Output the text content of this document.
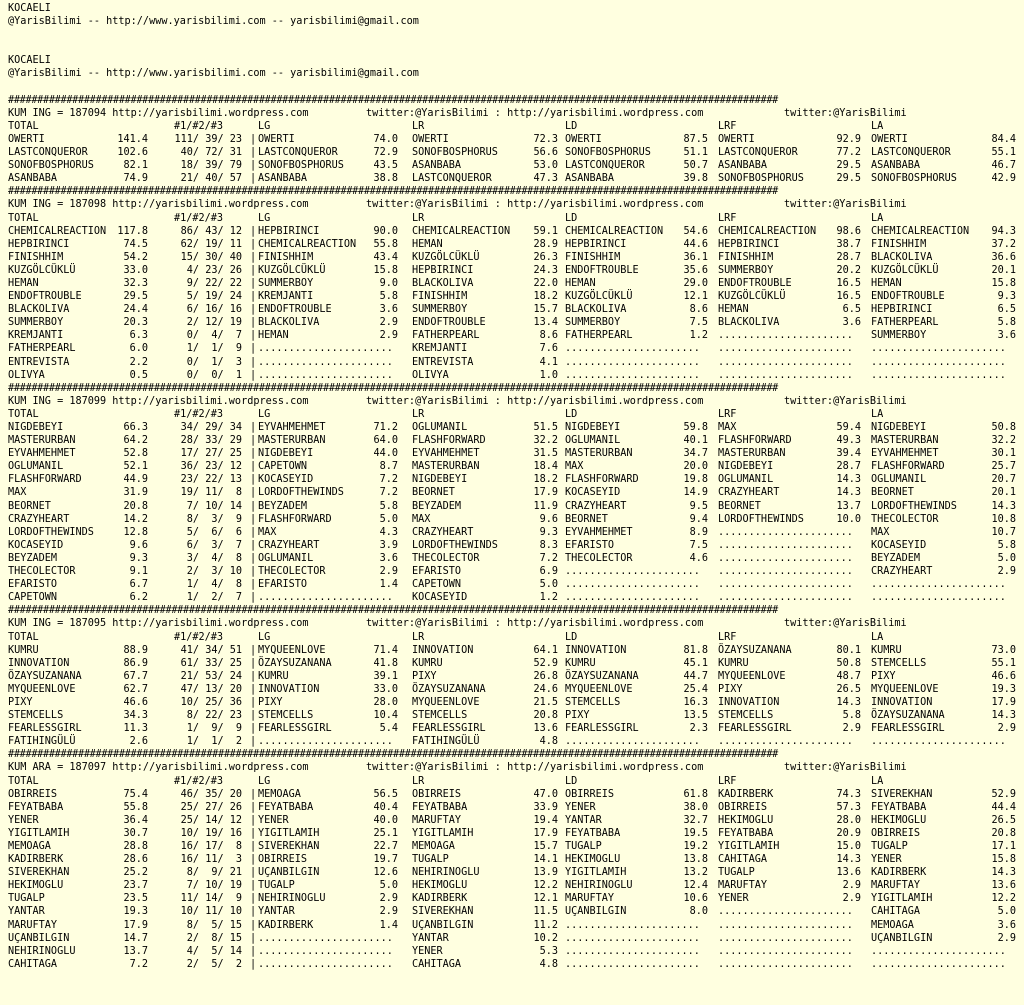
KOCAELI
@YarisBilimi -- http://www.yarisbilimi.com -- yarisbilimi@gmail.com
KOCAELI
@YarisBilimi -- http://www.yarisbilimi.com -- yarisbilimi@gmail.com
####################################################################################################################################
KUM ING = 187094 http://yarisbilimi.wordpress.com	twitter:@YarisBilimi : http://yarisbilimi.wordpress.com	twitter:@YarisBilimi
TOTAL	#1/#2/#3	LG	LR	LD	LRF	LA
OWERTI	141.4	111/ 39/ 23 | OWERTI	74.0 OWERTI	72.3 OWERTI	87.5 OWERTI	92.9 OWERTI	84.4
LASTCONQUEROR	102.6	40/ 72/ 31 | LASTCONQUEROR	72.9 SONOFBOSPHORUS	56.6 SONOFBOSPHORUS	51.1 LASTCONQUEROR	77.2 LASTCONQUEROR	55.1
SONOFBOSPHORUS	82.1	18/ 39/ 79 | SONOFBOSPHORUS	43.5 ASANBABA	53.0 LASTCONQUEROR	50.7 ASANBABA	29.5 ASANBABA	46.7
ASANBABA	74.9	21/ 40/ 57 | ASANBABA	38.8 LASTCONQUEROR	47.3 ASANBABA	39.8 SONOFBOSPHORUS	29.5 SONOFBOSPHORUS	42.9
####################################################################################################################################
KUM ING = 187098 http://yarisbilimi.wordpress.com	twitter:@YarisBilimi : http://yarisbilimi.wordpress.com	twitter:@YarisBilimi
TOTAL	#1/#2/#3	LG	LR	LD	LRF	LA
CHEMICALREACTION 117.8	86/ 43/ 12 | HEPBIRINCI	90.0 CHEMICALREACTION 59.1 CHEMICALREACTION 54.6 CHEMICALREACTION 98.6 CHEMICALREACTION 94.3
HEPBIRINCI	74.5	62/ 19/ 11 | CHEMICALREACTION 55.8 HEMAN	28.9 HEPBIRINCI	44.6 HEPBIRINCI	38.7 FINISHHIM	37.2
FINISHHIM	54.2	15/ 30/ 40 | FINISHHIM	43.4 KUZGÖLCÜKLÜ	26.3 FINISHHIM	36.1 FINISHHIM	28.7 BLACKOLIVA	36.6
KUZGÖLCÜKLÜ	33.0	4/ 23/ 26 | KUZGÖLCÜKLÜ	15.8 HEPBIRINCI	24.3 ENDOFTROUBLE	35.6 SUMMERBOY	20.2 KUZGÖLCÜKLÜ	20.1
HEMAN	32.3	9/ 22/ 22 | SUMMERBOY	9.0 BLACKOLIVA	22.0 HEMAN	29.0 ENDOFTROUBLE	16.5 HEMAN	15.8
ENDOFTROUBLE	29.5	5/ 19/ 24 | KREMJANTI	5.8 FINISHHIM	18.2 KUZGÖLCÜKLÜ	12.1 KUZGÖLCÜKLÜ	16.5 ENDOFTROUBLE	9.3
BLACKOLIVA	24.4	6/ 16/ 16 | ENDOFTROUBLE	3.6 SUMMERBOY	15.7 BLACKOLIVA	8.6 HEMAN	6.5 HEPBIRINCI	6.5
SUMMERBOY	20.3	2/ 12/ 19 | BLACKOLIVA	2.9 ENDOFTROUBLE	13.4 SUMMERBOY	7.5 BLACKOLIVA	3.6 FATHERPEARL	5.8
KREMJANTI	6.3	0/  4/  7 | HEMAN	2.9 FATHERPEARL	8.6 FATHERPEARL	1.2 ...................... SUMMERBOY	3.6
FATHERPEARL	6.0	1/  1/  9 | ...................... KREMJANTI	7.6 ...................... ...................... ......................
ENTREVISTA	2.2	0/  1/  3 | ...................... ENTREVISTA	4.1 ...................... ...................... ......................
OLIVYA	0.5	0/  0/  1 | ...................... OLIVYA	1.0 ...................... ...................... ......................
####################################################################################################################################
KUM ING = 187099 http://yarisbilimi.wordpress.com	twitter:@YarisBilimi : http://yarisbilimi.wordpress.com	twitter:@YarisBilimi
TOTAL	#1/#2/#3	LG	LR	LD	LRF	LA
NIGDEBEYI	66.3	34/ 29/ 34 | EYVAHMEHMET	71.2 OGLUMANIL	51.5 NIGDEBEYI	59.8 MAX	59.4 NIGDEBEYI	50.8
MASTERURBAN	64.2	28/ 33/ 29 | MASTERURBAN	64.0 FLASHFORWARD	32.2 OGLUMANIL	40.1 FLASHFORWARD	49.3 MASTERURBAN	32.2
EYVAHMEHMET	52.8	17/ 27/ 25 | NIGDEBEYI	44.0 EYVAHMEHMET	31.5 MASTERURBAN	34.7 MASTERURBAN	39.4 EYVAHMEHMET	30.1
OGLUMANIL	52.1	36/ 23/ 12 | CAPETOWN	8.7 MASTERURBAN	18.4 MAX	20.0 NIGDEBEYI	28.7 FLASHFORWARD	25.7
FLASHFORWARD	44.9	23/ 22/ 13 | KOCASEYID	7.2 NIGDEBEYI	18.2 FLASHFORWARD	19.8 OGLUMANIL	14.3 OGLUMANIL	20.7
MAX	31.9	19/ 11/  8 | LORDOFTHEWINDS	7.2 BEORNET	17.9 KOCASEYID	14.9 CRAZYHEART	14.3 BEORNET	20.1
BEORNET	20.8	7/ 10/ 14 | BEYZADEM	5.8 BEYZADEM	11.9 CRAZYHEART	9.5 BEORNET	13.7 LORDOFTHEWINDS	14.3
CRAZYHEART	14.2	8/  3/  9 | FLASHFORWARD	5.0 MAX	9.6 BEORNET	9.4 LORDOFTHEWINDS	10.0 THECOLECTOR	10.8
LORDOFTHEWINDS	12.8	5/  6/  6 | MAX	4.3 CRAZYHEART	9.3 EYVAHMEHMET	8.9 ...................... MAX	10.7
KOCASEYID	9.6	6/  3/  7 | CRAZYHEART	3.9 LORDOFTHEWINDS	8.3 EFARISTO	7.5 ...................... KOCASEYID	5.8
BEYZADEM	9.3	3/  4/  8 | OGLUMANIL	3.6 THECOLECTOR	7.2 THECOLECTOR	4.6 ...................... BEYZADEM	5.0
THECOLECTOR	9.1	2/  3/ 10 | THECOLECTOR	2.9 EFARISTO	6.9 ...................... ...................... CRAZYHEART	2.9
EFARISTO	6.7	1/  4/  8 | EFARISTO	1.4 CAPETOWN	5.0 ...................... ...................... ......................
CAPETOWN	6.2	1/  2/  7 | ...................... KOCASEYID	1.2 ...................... ...................... ......................
####################################################################################################################################
KUM ING = 187095 http://yarisbilimi.wordpress.com	twitter:@YarisBilimi : http://yarisbilimi.wordpress.com	twitter:@YarisBilimi
TOTAL	#1/#2/#3	LG	LR	LD	LRF	LA
KUMRU	88.9	41/ 34/ 51 | MYQUEENLOVE	71.4 INNOVATION	64.1 INNOVATION	81.8 ÖZAYSUZANANA	80.1 KUMRU	73.0
INNOVATION	86.9	61/ 33/ 25 | ÖZAYSUZANANA	41.8 KUMRU	52.9 KUMRU	45.1 KUMRU	50.8 STEMCELLS	55.1
ÖZAYSUZANANA	67.7	21/ 53/ 24 | KUMRU	39.1 PIXY	26.8 ÖZAYSUZANANA	44.7 MYQUEENLOVE	48.7 PIXY	46.6
MYQUEENLOVE	62.7	47/ 13/ 20 | INNOVATION	33.0 ÖZAYSUZANANA	24.6 MYQUEENLOVE	25.4 PIXY	26.5 MYQUEENLOVE	19.3
PIXY	46.6	10/ 25/ 36 | PIXY	28.0 MYQUEENLOVE	21.5 STEMCELLS	16.3 INNOVATION	14.3 INNOVATION	17.9
STEMCELLS	34.3	8/ 22/ 23 | STEMCELLS	10.4 STEMCELLS	20.8 PIXY	13.5 STEMCELLS	5.8 ÖZAYSUZANANA	14.3
FEARLESSGIRL	11.3	1/  9/  9 | FEARLESSGIRL	5.4 FEARLESSGIRL	13.6 FEARLESSGIRL	2.3 FEARLESSGIRL	2.9 FEARLESSGIRL	2.9
FATIHINGÜLÜ	2.6	1/  1/  2 | ...................... FATIHINGÜLÜ	4.8 ...................... ...................... ......................
####################################################################################################################################
KUM ARA = 187097 http://yarisbilimi.wordpress.com	twitter:@YarisBilimi : http://yarisbilimi.wordpress.com	twitter:@YarisBilimi
TOTAL	#1/#2/#3	LG	LR	LD	LRF	LA
OBIRREIS	75.4	46/ 35/ 20 | MEMOAGA	56.5 OBIRREIS	47.0 OBIRREIS	61.8 KADIRBERK	74.3 SIVEREKHAN	52.9
FEYATBABA	55.8	25/ 27/ 26 | FEYATBABA	40.4 FEYATBABA	33.9 YENER	38.0 OBIRREIS	57.3 FEYATBABA	44.4
YENER	36.4	25/ 14/ 12 | YENER	40.0 MARUFTAY	19.4 YANTAR	32.7 HEKIMOGLU	28.0 HEKIMOGLU	26.5
YIGITLAMIH	30.7	10/ 19/ 16 | YIGITLAMIH	25.1 YIGITLAMIH	17.9 FEYATBABA	19.5 FEYATBABA	20.9 OBIRREIS	20.8
MEMOAGA	28.8	16/ 17/  8 | SIVEREKHAN	22.7 MEMOAGA	15.7 TUGALP	19.2 YIGITLAMIH	15.0 TUGALP	17.1
KADIRBERK	28.6	16/ 11/  3 | OBIRREIS	19.7 TUGALP	14.1 HEKIMOGLU	13.8 CAHITAGA	14.3 YENER	15.8
SIVEREKHAN	25.2	8/  9/ 21 | UÇANBILGIN	12.6 NEHIRINOGLU	13.9 YIGITLAMIH	13.2 TUGALP	13.6 KADIRBERK	14.3
HEKIMOGLU	23.7	7/ 10/ 19 | TUGALP	5.0 HEKIMOGLU	12.2 NEHIRINOGLU	12.4 MARUFTAY	2.9 MARUFTAY	13.6
TUGALP	23.5	11/ 14/  9 | NEHIRINOGLU	2.9 KADIRBERK	12.1 MARUFTAY	10.6 YENER	2.9 YIGITLAMIH	12.2
YANTAR	19.3	10/ 11/ 10 | YANTAR	2.9 SIVEREKHAN	11.5 UÇANBILGIN	8.0 ...................... CAHITAGA	5.0
MARUFTAY	17.9	8/  5/ 15 | KADIRBERK	1.4 UÇANBILGIN	11.2 ...................... ...................... MEMOAGA	3.6
UÇANBILGIN	14.7	2/  8/ 15 | ...................... YANTAR	10.2 ...................... ...................... UÇANBILGIN	2.9
NEHIRINOGLU	13.7	4/  5/ 14 | ...................... YENER	5.3 ...................... ...................... ......................
CAHITAGA	7.2	2/  5/  2 | ...................... CAHITAGA	4.8 ...................... ...................... ......................
